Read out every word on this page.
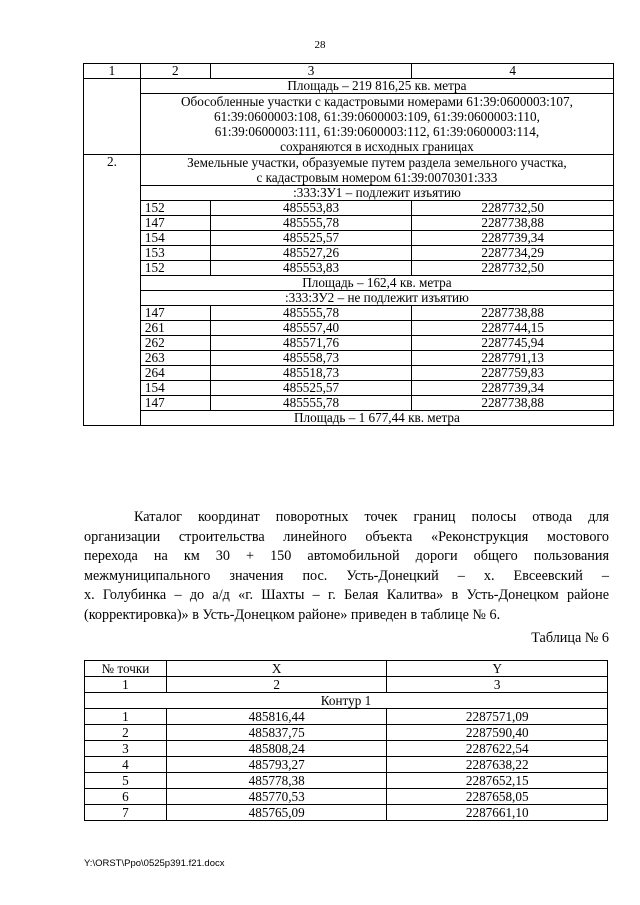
28
1	2	3	4
	Площадь – 219 816,25 кв. метра		

	Обособленные участки с кадастровыми номерами 61:39:0600003:107,
61:39:0600003:108, 61:39:0600003:109, 61:39:0600003:110,
61:39:0600003:111, 61:39:0600003:112, 61:39:0600003:114,
сохраняются в исходных границах		

2.	Земельные участки, образуемые путем раздела земельного участка,
с кадастровым номером 61:39:0070301:333		

	:333:ЗУ1 – подлежит изъятию		
	152	485553,83	2287732,50
	147	485555,78	2287738,88
	154	485525,57	2287739,34
	153	485527,26	2287734,29
	152	485553,83	2287732,50
	Площадь – 162,4 кв. метра		
	:333:ЗУ2 – не подлежит изъятию		
	147	485555,78	2287738,88
	261	485557,40	2287744,15
	262	485571,76	2287745,94
	263	485558,73	2287791,13
	264	485518,73	2287759,83
	154	485525,57	2287739,34
	147	485555,78	2287738,88
	Площадь – 1 677,44 кв. метра		
Каталог координат поворотных точек границ полосы отвода для
организации строительства линейного объекта «Реконструкция мостового
перехода на км 30 + 150 автомобильной дороги общего пользования
межмуниципального значения пос. Усть-Донецкий – х. Евсеевский –
х. Голубинка – до а/д «г. Шахты – г. Белая Калитва» в Усть-Донецком районе
(корректировка)» в Усть-Донецком районе» приведен в таблице № 6.
Таблица № 6
№ точки	X	Y
1	2	3
Контур 1		
1	485816,44	2287571,09
2	485837,75	2287590,40
3	485808,24	2287622,54
4	485793,27	2287638,22
5	485778,38	2287652,15
6	485770,53	2287658,05
7	485765,09	2287661,10
Y:\ORST\Ppo\0525p391.f21.docx
